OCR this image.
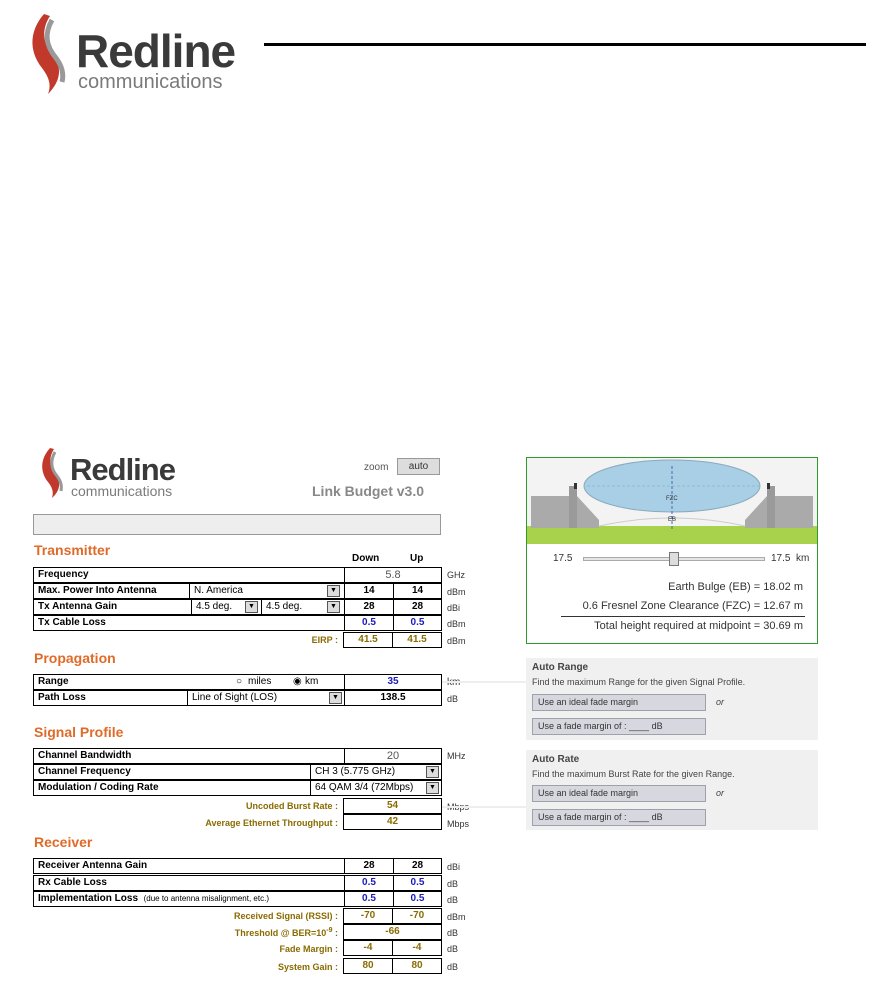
Redline
communications
Redline
communications
zoom	auto
Link Budget v3.0
Transmitter
Down	Up
Frequency	5.8	GHz
Max. Power Into Antenna	N. America	▼	14	14	dBm
Tx Antenna Gain	4.5 deg.	▼	4.5 deg.	▼	28	28	dBi
Tx Cable Loss	0.5	0.5	dBm
EIRP :	41.5	41.5	dBm
Propagation
Range	○ miles ◉ km	35
Path Loss	Line of Sight (LOS)	▼	138.5	dB
Signal Profile
Channel Bandwidth	20	MHz
Channel Frequency	CH 3 (5.775 GHz)	▼
Modulation / Coding Rate	64 QAM 3/4 (72Mbps)	▼
Uncoded Burst Rate :	54
Average Ethernet Throughput :	42	Mbps
Receiver
Receiver Antenna Gain	28	28	dBi
Rx Cable Loss	0.5	0.5	dB
Implementation Loss (due to antenna misalignment, etc.)	0.5	0.5	dB
Received Signal (RSSI) :	-70	-70	dBm
Threshold @ $BER=10^{-9}$ :	-66	dB
Fade Margin :	-4	-4	dB
System Gain :	80	80	dB
FZC
EB
17.5	17.5 km
Earth Bulge (EB) = 18.02 m
0.6 Fresnel Zone Clearance (FZC) = 12.67 m
Total height required at midpoint = 30.69 m
Auto Range
Find the maximum Range for the given Signal Profile.
Use an ideal fade margin	or
Use a fade margin of : ____ dB
Auto Rate
Find the maximum Burst Rate for the given Range.
Use an ideal fade margin	or
Use a fade margin of : ____ dB
